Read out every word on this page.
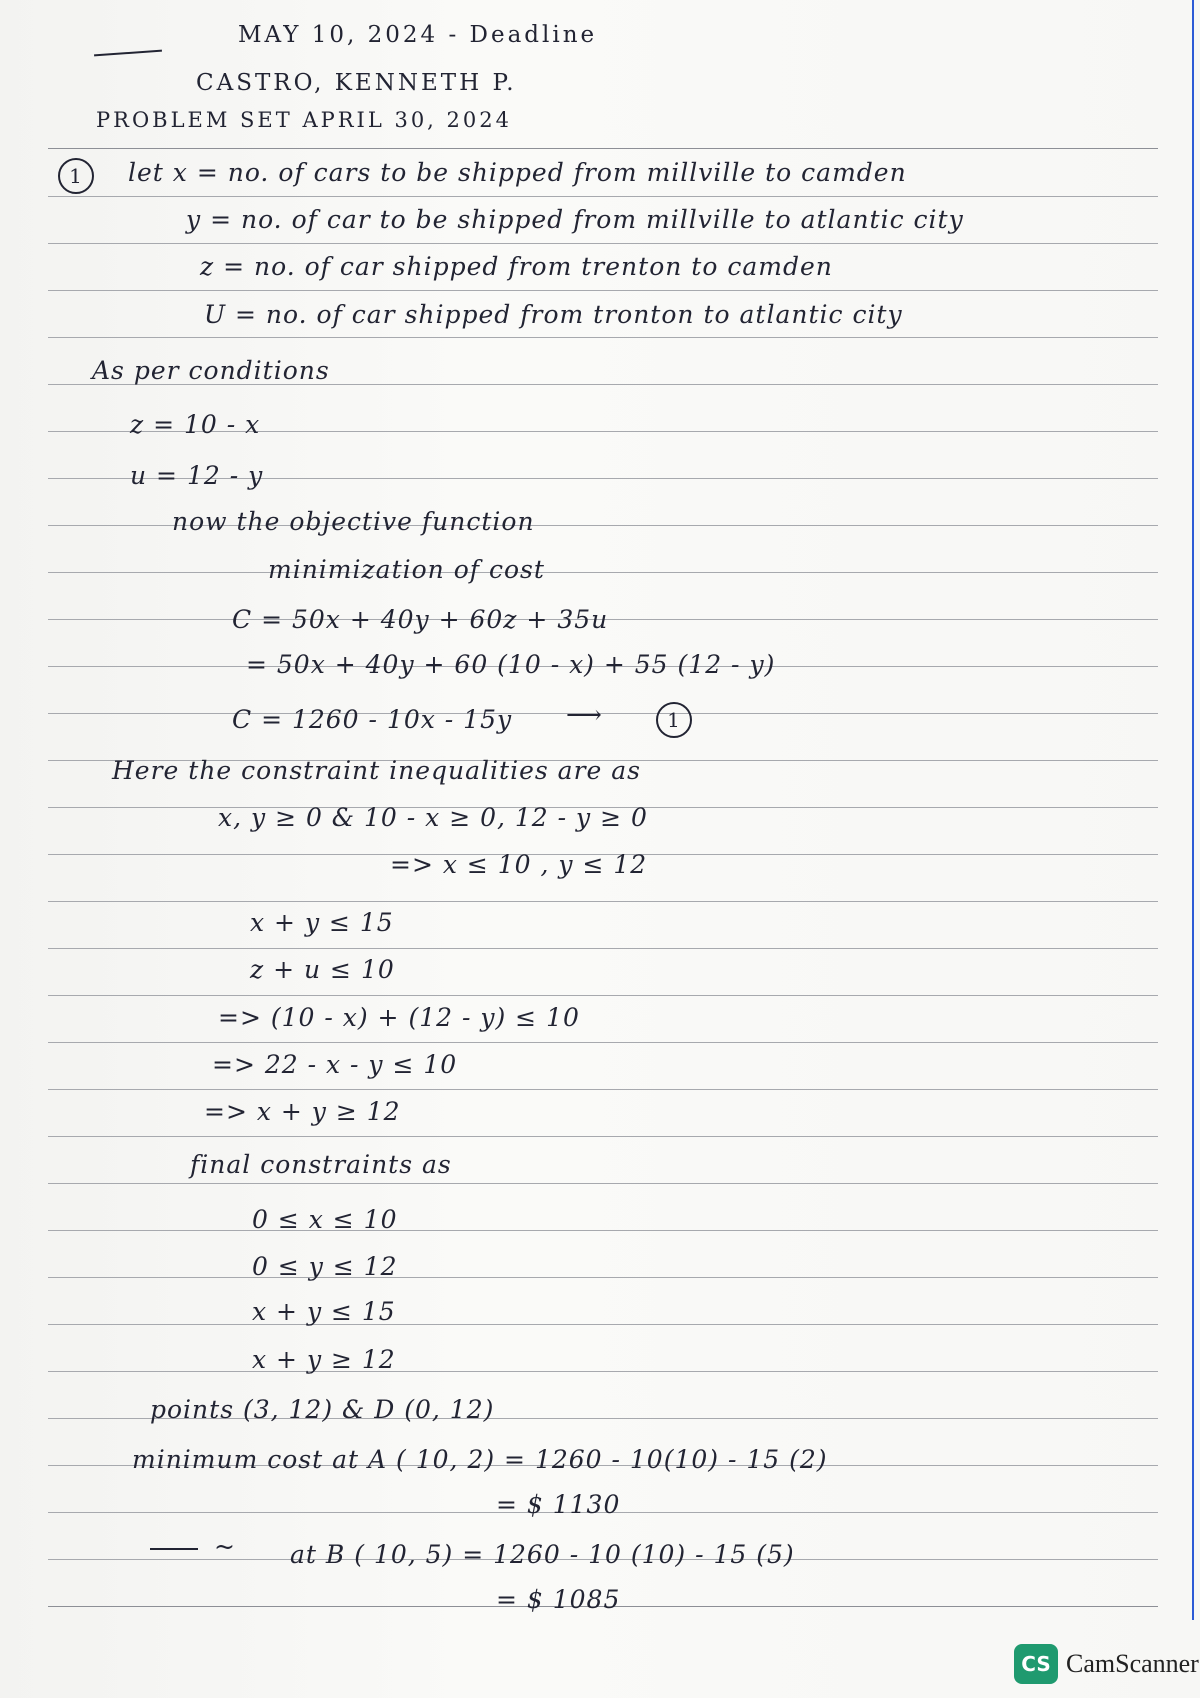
MAY 10, 2024 - Deadline
CASTRO, KENNETH P.
PROBLEM SET APRIL 30, 2024
1	let x = no. of cars to be shipped from millville to camden
y = no. of car to be shipped from millville to atlantic city
z = no. of car shipped from trenton to camden
U = no. of car shipped from tronton to atlantic city
As per conditions
z = 10 - x
u = 12 - y
now the objective function
minimization of cost
C = 50x + 40y + 60z + 35u
= 50x + 40y + 60 (10 - x) + 55 (12 - y)
C = 1260 - 10x - 15y ⟶	1
Here the constraint inequalities are as
x, y ≥ 0 & 10 - x ≥ 0, 12 - y ≥ 0
=> x ≤ 10 , y ≤ 12
x + y ≤ 15
z + u ≤ 10
=> (10 - x) + (12 - y) ≤ 10
=> 22 - x - y ≤ 10
=> x + y ≥ 12
final constraints as
0 ≤ x ≤ 10
0 ≤ y ≤ 12
x + y ≤ 15
x + y ≥ 12
points (3, 12) & D (0, 12)
minimum cost at A ( 10, 2) = 1260 - 10(10) - 15 (2)
= $ 1130
~ at B ( 10, 5) = 1260 - 10 (10) - 15 (5)
= $ 1085
CS CamScanner
